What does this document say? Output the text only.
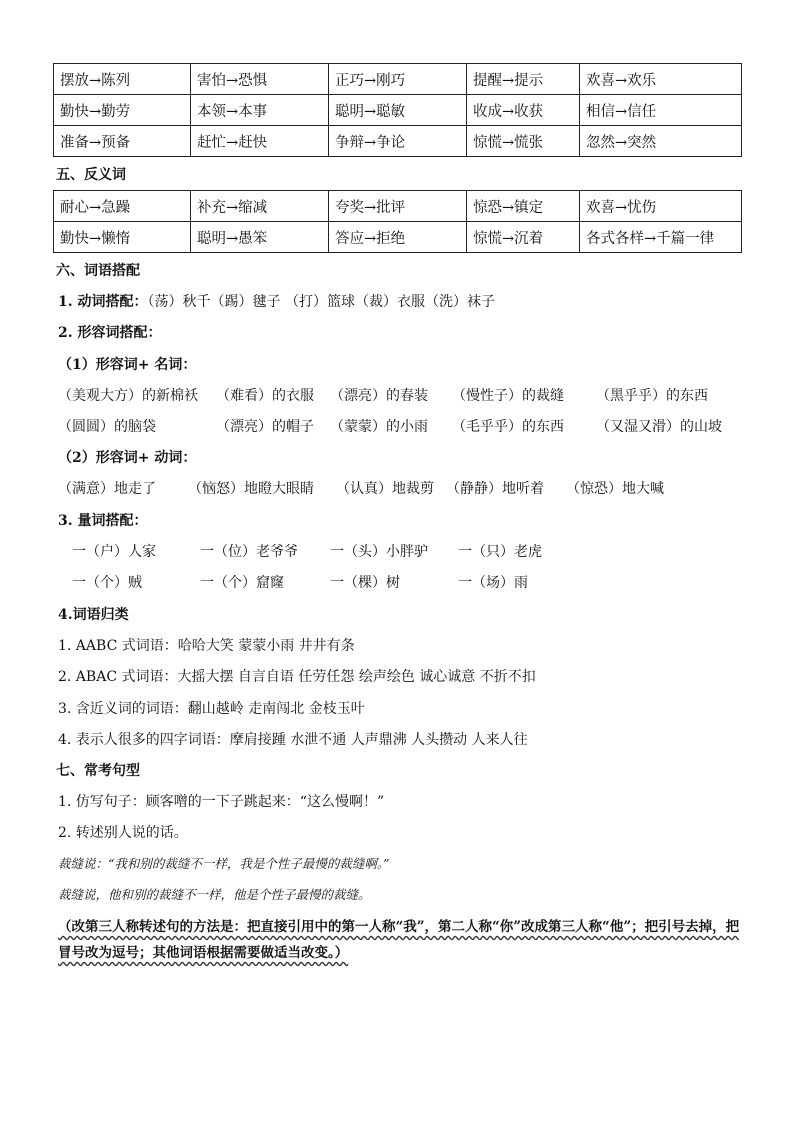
摆放→陈列	害怕→恐惧	正巧→刚巧	提醒→提示	欢喜→欢乐
勤快→勤劳	本领→本事	聪明→聪敏	收成→收获	相信→信任
准备→预备	赶忙→赶快	争辩→争论	惊慌→慌张	忽然→突然
五、反义词
耐心→急躁	补充→缩减	夸奖→批评	惊恐→镇定	欢喜→忧伤
勤快→懒惰	聪明→愚笨	答应→拒绝	惊慌→沉着	各式各样→千篇一律
六、词语搭配
1. 动词搭配：（荡）秋千（踢）毽子 （打）篮球（裁）衣服（洗）袜子
2. 形容词搭配：
（1）形容词+ 名词：
（美观大方）的新棉袄 （难看）的衣服 （漂亮）的春装 （慢性子）的裁缝 （黑乎乎）的东西
（圆圆）的脑袋	（漂亮）的帽子 （蒙蒙）的小雨 （毛乎乎）的东西 （又湿又滑）的山坡
（2）形容词+ 动词：
（满意）地走了 （恼怒）地瞪大眼睛 （认真）地裁剪 （静静）地听着 （惊恐）地大喊
3. 量词搭配：
一（户）人家	一（位）老爷爷 一（头）小胖驴 一（只）老虎
一（个）贼	一（个）窟窿	一（棵）树	一（场）雨
4.词语归类
1. AABC 式词语：哈哈大笑 蒙蒙小雨 井井有条
2. ABAC 式词语：大摇大摆 自言自语 任劳任怨 绘声绘色 诚心诚意 不折不扣
3. 含近义词的词语：翻山越岭 走南闯北 金枝玉叶
4. 表示人很多的四字词语：摩肩接踵 水泄不通 人声鼎沸 人头攒动 人来人往
七、常考句型
1. 仿写句子：顾客噌的一下子跳起来：“这么慢啊！”
2. 转述别人说的话。
裁缝说：“我和别的裁缝不一样，我是个性子最慢的裁缝啊。”
裁缝说，他和别的裁缝不一样，他是个性子最慢的裁缝。
（改第三人称转述句的方法是：把直接引用中的第一人称“我”，第二人称“你”改成第三人称“他”；把引号去掉，把冒号改为逗号；其他词语根据需要做适当改变。）
